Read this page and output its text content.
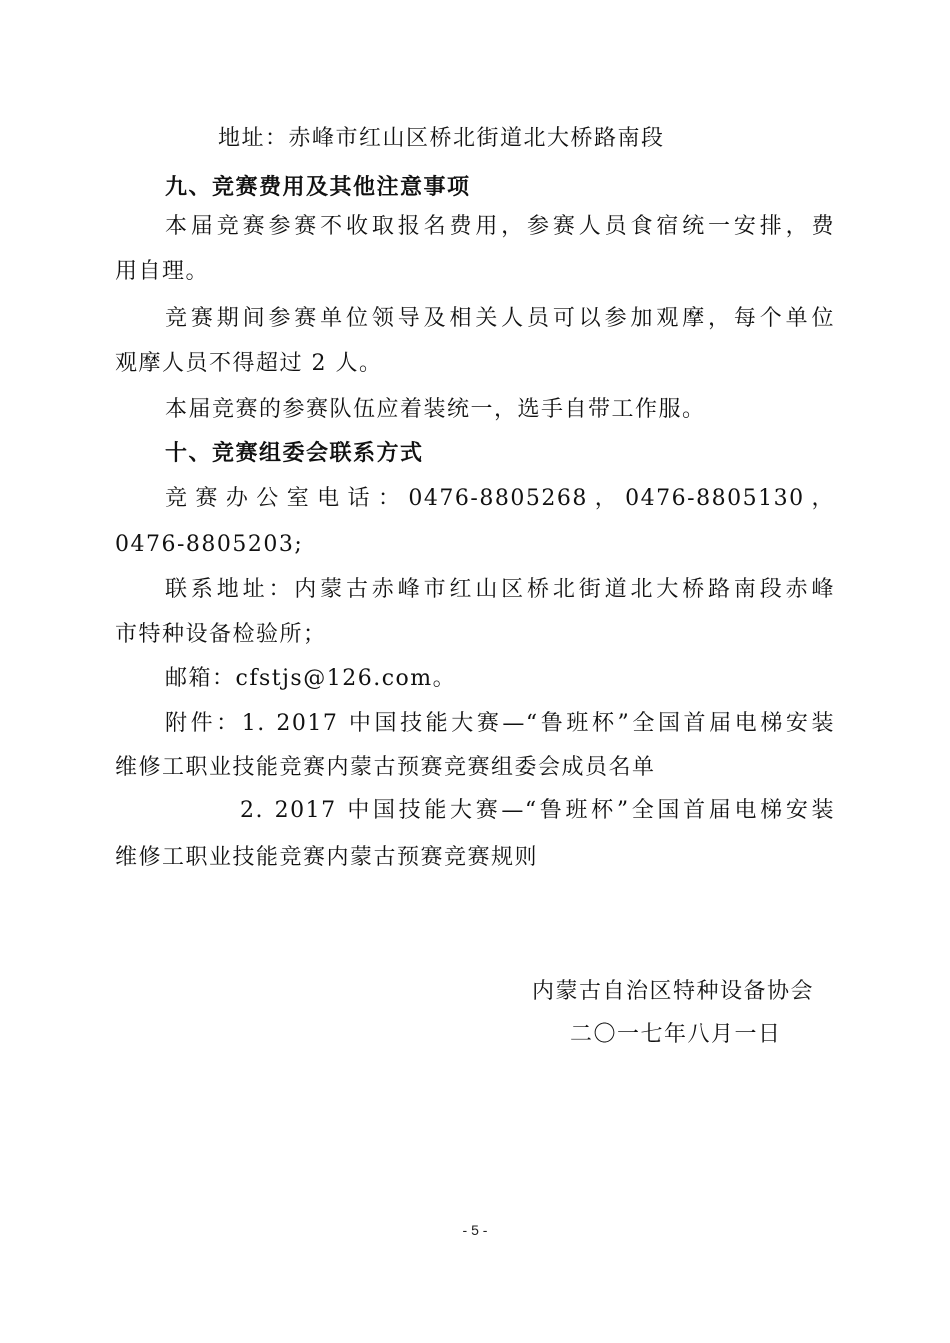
地址：赤峰市红山区桥北街道北大桥路南段
九、竞赛费用及其他注意事项
本届竞赛参赛不收取报名费用，参赛人员食宿统一安排，费
用自理。
竞赛期间参赛单位领导及相关人员可以参加观摩，每个单位
观摩人员不得超过 2 人。
本届竞赛的参赛队伍应着装统一，选手自带工作服。
十、竞赛组委会联系方式
竞赛办公室电话：0476-8805268，0476-8805130，
0476-8805203;
联系地址：内蒙古赤峰市红山区桥北街道北大桥路南段赤峰
市特种设备检验所；
邮箱：cfstjs@126.com。
附件：1. 2017 中国技能大赛—“鲁班杯”全国首届电梯安装
维修工职业技能竞赛内蒙古预赛竞赛组委会成员名单
2. 2017 中国技能大赛—“鲁班杯”全国首届电梯安装
维修工职业技能竞赛内蒙古预赛竞赛规则
内蒙古自治区特种设备协会
二〇一七年八月一日
- 5 -
